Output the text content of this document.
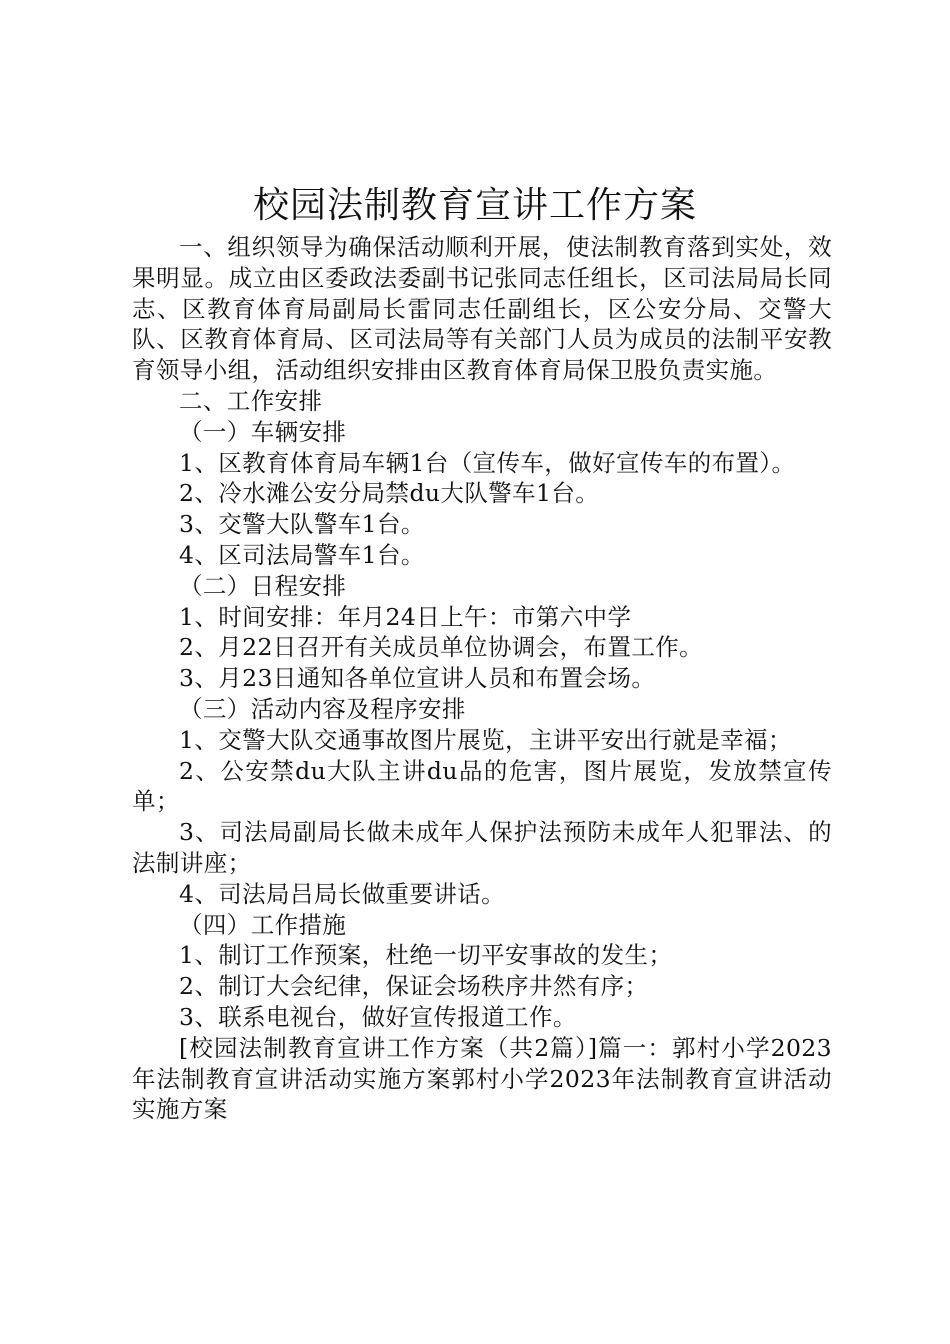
校园法制教育宣讲工作方案

一、组织领导为确保活动顺利开展，使法制教育落到实处，效果明显。成立由区委政法委副书记张同志任组长，区司法局局长同志、区教育体育局副局长雷同志任副组长，区公安分局、交警大队、区教育体育局、区司法局等有关部门人员为成员的法制平安教育领导小组，活动组织安排由区教育体育局保卫股负责实施。

二、工作安排

（一）车辆安排

1、区教育体育局车辆1台（宣传车，做好宣传车的布置）。

2、冷水滩公安分局禁du大队警车1台。

3、交警大队警车1台。

4、区司法局警车1台。

（二）日程安排

1、时间安排：年月24日上午：市第六中学

2、月22日召开有关成员单位协调会，布置工作。

3、月23日通知各单位宣讲人员和布置会场。

（三）活动内容及程序安排

1、交警大队交通事故图片展览，主讲平安出行就是幸福；

2、公安禁du大队主讲du品的危害，图片展览，发放禁宣传单；

3、司法局副局长做未成年人保护法预防未成年人犯罪法、的法制讲座；

4、司法局吕局长做重要讲话。

（四）工作措施

1、制订工作预案，杜绝一切平安事故的发生；

2、制订大会纪律，保证会场秩序井然有序；

3、联系电视台，做好宣传报道工作。

[校园法制教育宣讲工作方案（共2篇）]篇一：郭村小学2023年法制教育宣讲活动实施方案郭村小学2023年法制教育宣讲活动实施方案
